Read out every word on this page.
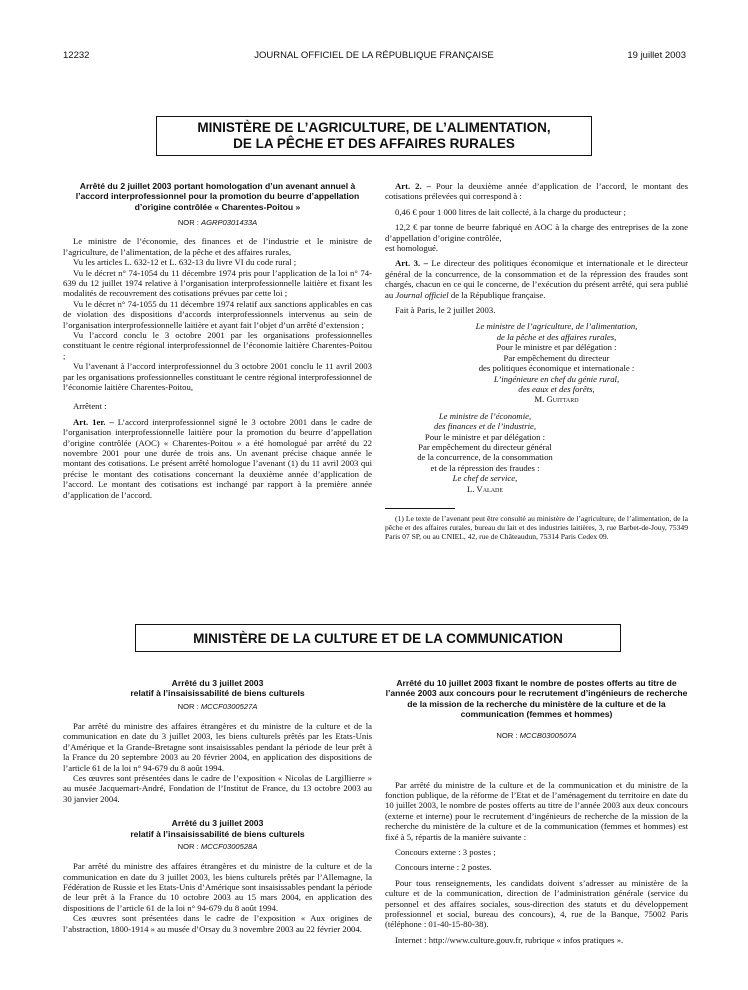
12232	JOURNAL OFFICIEL DE LA RÉPUBLIQUE FRANÇAISE	19 juillet 2003
MINISTÈRE DE L’AGRICULTURE, DE L’ALIMENTATION,
DE LA PÊCHE ET DES AFFAIRES RURALES

Arrêté du 2 juillet 2003 portant homologation d’un avenant annuel à l’accord interprofessionnel pour la promotion du beurre d’appellation d’origine contrôlée « Charentes-Poitou »

NOR : AGRP0301433A

Le ministre de l’économie, des finances et de l’industrie et le ministre de l’agriculture, de l’alimentation, de la pêche et des affaires rurales,

Vu les articles L. 632-12 et L. 632-13 du livre VI du code rural ;

Vu le décret n° 74-1054 du 11 décembre 1974 pris pour l’application de la loi n° 74-639 du 12 juillet 1974 relative à l’organisation interprofessionnelle laitière et fixant les modalités de recouvrement des cotisations prévues par cette loi ;

Vu le décret n° 74-1055 du 11 décembre 1974 relatif aux sanctions applicables en cas de violation des dispositions d’accords interprofessionnels intervenus au sein de l’organisation interprofessionnelle laitière et ayant fait l’objet d’un arrêté d’extension ;

Vu l’accord conclu le 3 octobre 2001 par les organisations professionnelles constituant le centre régional interprofessionnel de l’économie laitière Charentes-Poitou ;

Vu l’avenant à l’accord interprofessionnel du 3 octobre 2001 conclu le 11 avril 2003 par les organisations professionnelles constituant le centre régional interprofessionnel de l’économie laitière Charentes-Poitou,

Arrêtent :

Art. 1er. – L’accord interprofessionnel signé le 3 octobre 2001 dans le cadre de l’organisation interprofessionnelle laitière pour la promotion du beurre d’appellation d’origine contrôlée (AOC) « Charentes-Poitou » a été homologué par arrêté du 22 novembre 2001 pour une durée de trois ans. Un avenant précise chaque année le montant des cotisations. Le présent arrêté homologue l’avenant (1) du 11 avril 2003 qui précise le montant des cotisations concernant la deuxième année d’application de l’accord. Le montant des cotisations est inchangé par rapport à la première année d’application de l’accord.

Art. 2. – Pour la deuxième année d’application de l’accord, le montant des cotisations prélevées qui correspond à :

0,46 € pour 1 000 litres de lait collecté, à la charge du producteur ;

12,2 € par tonne de beurre fabriqué en AOC à la charge des entreprises de la zone d’appellation d’origine contrôlée,

est homologué.

Art. 3. – Le directeur des politiques économique et internationale et le directeur général de la concurrence, de la consommation et de la répression des fraudes sont chargés, chacun en ce qui le concerne, de l’exécution du présent arrêté, qui sera publié au Journal officiel de la République française.

Fait à Paris, le 2 juillet 2003.

Le ministre de l’agriculture, de l’alimentation,

de la pêche et des affaires rurales,

Pour le ministre et par délégation :

Par empêchement du directeur

des politiques économique et internationale :

L’ingénieure en chef du génie rural,

des eaux et des forêts,

M. Guittard

Le ministre de l’économie,

des finances et de l’industrie,

Pour le ministre et par délégation :

Par empêchement du directeur général

de la concurrence, de la consommation

et de la répression des fraudes :

Le chef de service,

L. Valade

(1) Le texte de l’avenant peut être consulté au ministère de l’agriculture, de l’alimentation, de la pêche et des affaires rurales, bureau du lait et des industries laitières, 3, rue Barbet-de-Jouy, 75349 Paris 07 SP, ou au CNIEL, 42, rue de Châteaudun, 75314 Paris Cedex 09.

MINISTÈRE DE LA CULTURE ET DE LA COMMUNICATION

Arrêté du 3 juillet 2003

relatif à l’insaisissabilité de biens culturels

NOR : MCCF0300527A

Par arrêté du ministre des affaires étrangères et du ministre de la culture et de la communication en date du 3 juillet 2003, les biens culturels prêtés par les Etats-Unis d’Amérique et la Grande-Bretagne sont insaisissables pendant la période de leur prêt à la France du 20 septembre 2003 au 20 février 2004, en application des dispositions de l’article 61 de la loi n° 94-679 du 8 août 1994.

Ces œuvres sont présentées dans le cadre de l’exposition « Nicolas de Largillierre » au musée Jacquemart-André, Fondation de l’Institut de France, du 13 octobre 2003 au 30 janvier 2004.

Arrêté du 3 juillet 2003

relatif à l’insaisissabilité de biens culturels

NOR : MCCF0300528A

Par arrêté du ministre des affaires étrangères et du ministre de la culture et de la communication en date du 3 juillet 2003, les biens culturels prêtés par l’Allemagne, la Fédération de Russie et les Etats-Unis d’Amérique sont insaisissables pendant la période de leur prêt à la France du 10 octobre 2003 au 15 mars 2004, en application des dispositions de l’article 61 de la loi n° 94-679 du 8 août 1994.

Ces œuvres sont présentées dans le cadre de l’exposition « Aux origines de l’abstraction, 1800-1914 » au musée d’Orsay du 3 novembre 2003 au 22 février 2004.

Arrêté du 10 juillet 2003 fixant le nombre de postes offerts au titre de l’année 2003 aux concours pour le recrutement d’ingénieurs de recherche de la mission de la recherche du ministère de la culture et de la communication (femmes et hommes)

NOR : MCCB0300507A

Par arrêté du ministre de la culture et de la communication et du ministre de la fonction publique, de la réforme de l’Etat et de l’aménagement du territoire en date du 10 juillet 2003, le nombre de postes offerts au titre de l’année 2003 aux deux concours (externe et interne) pour le recrutement d’ingénieurs de recherche de la mission de la recherche du ministère de la culture et de la communication (femmes et hommes) est fixé à 5, répartis de la manière suivante :

Concours externe : 3 postes ;

Concours interne : 2 postes.

Pour tous renseignements, les candidats doivent s’adresser au ministère de la culture et de la communication, direction de l’administration générale (service du personnel et des affaires sociales, sous-direction des statuts et du développement professionnel et social, bureau des concours), 4, rue de la Banque, 75002 Paris (téléphone : 01-40-15-80-38).

Internet : http://www.culture.gouv.fr, rubrique « infos pratiques ».
